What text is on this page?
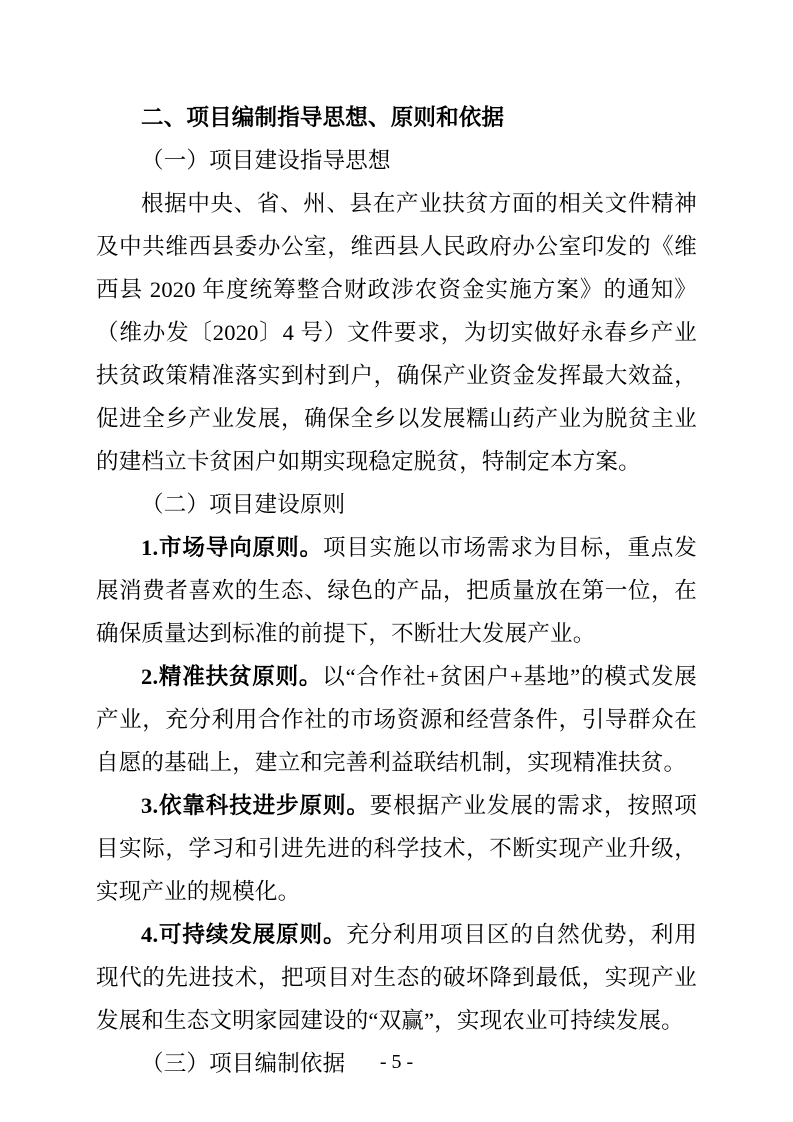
二、项目编制指导思想、原则和依据

（一）项目建设指导思想

根据中央、省、州、县在产业扶贫方面的相关文件精神及中共维西县委办公室，维西县人民政府办公室印发的《维西县 2020 年度统筹整合财政涉农资金实施方案》的通知》（维办发〔2020〕4 号）文件要求，为切实做好永春乡产业扶贫政策精准落实到村到户，确保产业资金发挥最大效益，促进全乡产业发展，确保全乡以发展糯山药产业为脱贫主业的建档立卡贫困户如期实现稳定脱贫，特制定本方案。

（二）项目建设原则

1.市场导向原则。项目实施以市场需求为目标，重点发展消费者喜欢的生态、绿色的产品，把质量放在第一位，在确保质量达到标准的前提下，不断壮大发展产业。

2.精准扶贫原则。以“合作社+贫困户+基地”的模式发展产业，充分利用合作社的市场资源和经营条件，引导群众在自愿的基础上，建立和完善利益联结机制，实现精准扶贫。

3.依靠科技进步原则。要根据产业发展的需求，按照项目实际，学习和引进先进的科学技术，不断实现产业升级，实现产业的规模化。

4.可持续发展原则。充分利用项目区的自然优势，利用现代的先进技术，把项目对生态的破坏降到最低，实现产业发展和生态文明家园建设的“双赢”，实现农业可持续发展。

（三）项目编制依据	- 5 -
